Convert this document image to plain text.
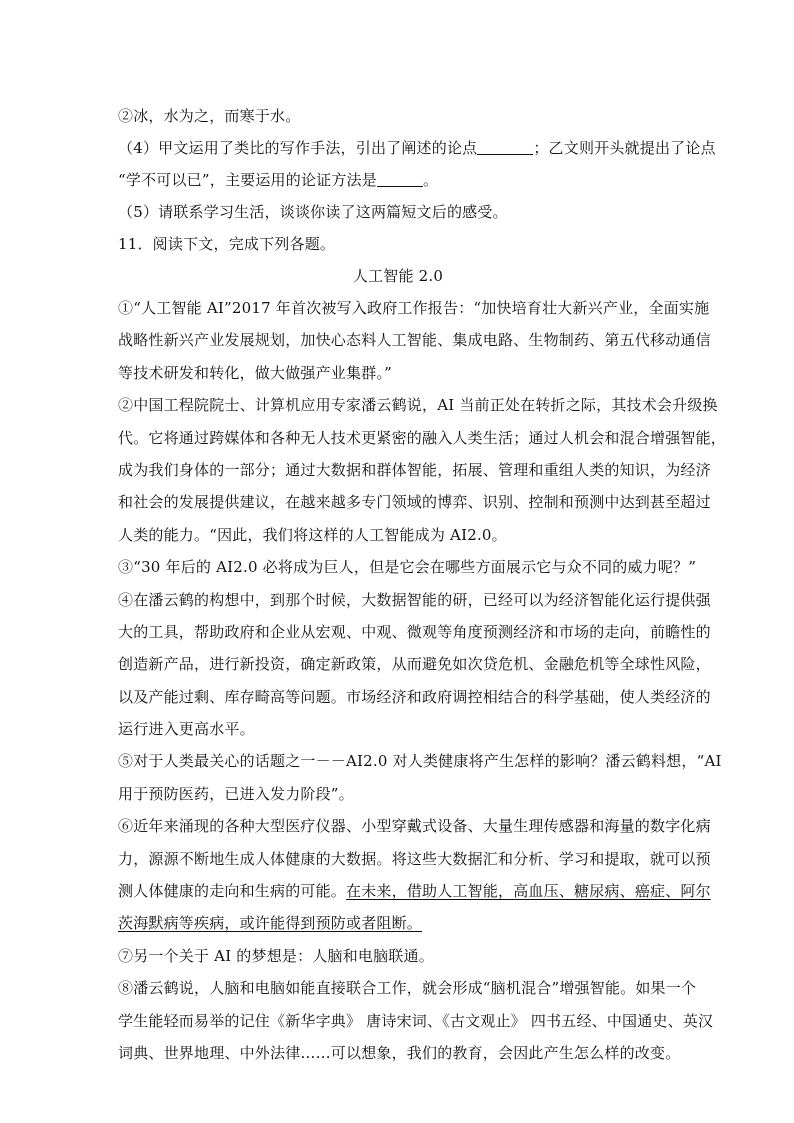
②冰，水为之，而寒于水。
（4）甲文运用了类比的写作手法，引出了阐述的论点	；乙文则开头就提出了论点
“学不可以已”，主要运用的论证方法是	。
（5）请联系学习生活，谈谈你读了这两篇短文后的感受。
11．阅读下文，完成下列各题。
人工智能 2.0
①“人工智能 AI”2017 年首次被写入政府工作报告：“加快培育壮大新兴产业，全面实施
战略性新兴产业发展规划，加快心态料人工智能、集成电路、生物制药、第五代移动通信
等技术研发和转化，做大做强产业集群。”
②中国工程院院士、计算机应用专家潘云鹤说，AI 当前正处在转折之际，其技术会升级换
代。它将通过跨媒体和各种无人技术更紧密的融入人类生活；通过人机会和混合增强智能，
成为我们身体的一部分；通过大数据和群体智能，拓展、管理和重组人类的知识，为经济
和社会的发展提供建议，在越来越多专门领域的博弈、识别、控制和预测中达到甚至超过
人类的能力。“因此，我们将这样的人工智能成为 AI2.0。
③“30 年后的 AI2.0 必将成为巨人，但是它会在哪些方面展示它与众不同的威力呢？”
④在潘云鹤的构想中，到那个时候，大数据智能的研，已经可以为经济智能化运行提供强
大的工具，帮助政府和企业从宏观、中观、微观等角度预测经济和市场的走向，前瞻性的
创造新产品，进行新投资，确定新政策，从而避免如次贷危机、金融危机等全球性风险，
以及产能过剩、库存畸高等问题。市场经济和政府调控相结合的科学基础，使人类经济的
运行进入更高水平。
⑤对于人类最关心的话题之一－－AI2.0 对人类健康将产生怎样的影响？潘云鹤料想，“AI
用于预防医药，已进入发力阶段”。
⑥近年来涌现的各种大型医疗仪器、小型穿戴式设备、大量生理传感器和海量的数字化病
力，源源不断地生成人体健康的大数据。将这些大数据汇和分析、学习和提取，就可以预
测人体健康的走向和生病的可能。在未来，借助人工智能，高血压、糖尿病、癌症、阿尔
茨海默病等疾病，或许能得到预防或者阻断。
⑦另一个关于 AI 的梦想是：人脑和电脑联通。
⑧潘云鹤说，人脑和电脑如能直接联合工作，就会形成“脑机混合”增强智能。如果一个
学生能轻而易举的记住《新华字典》 唐诗宋词、《古文观止》 四书五经、中国通史、英汉
词典、世界地理、中外法律……可以想象，我们的教育，会因此产生怎么样的改变。
